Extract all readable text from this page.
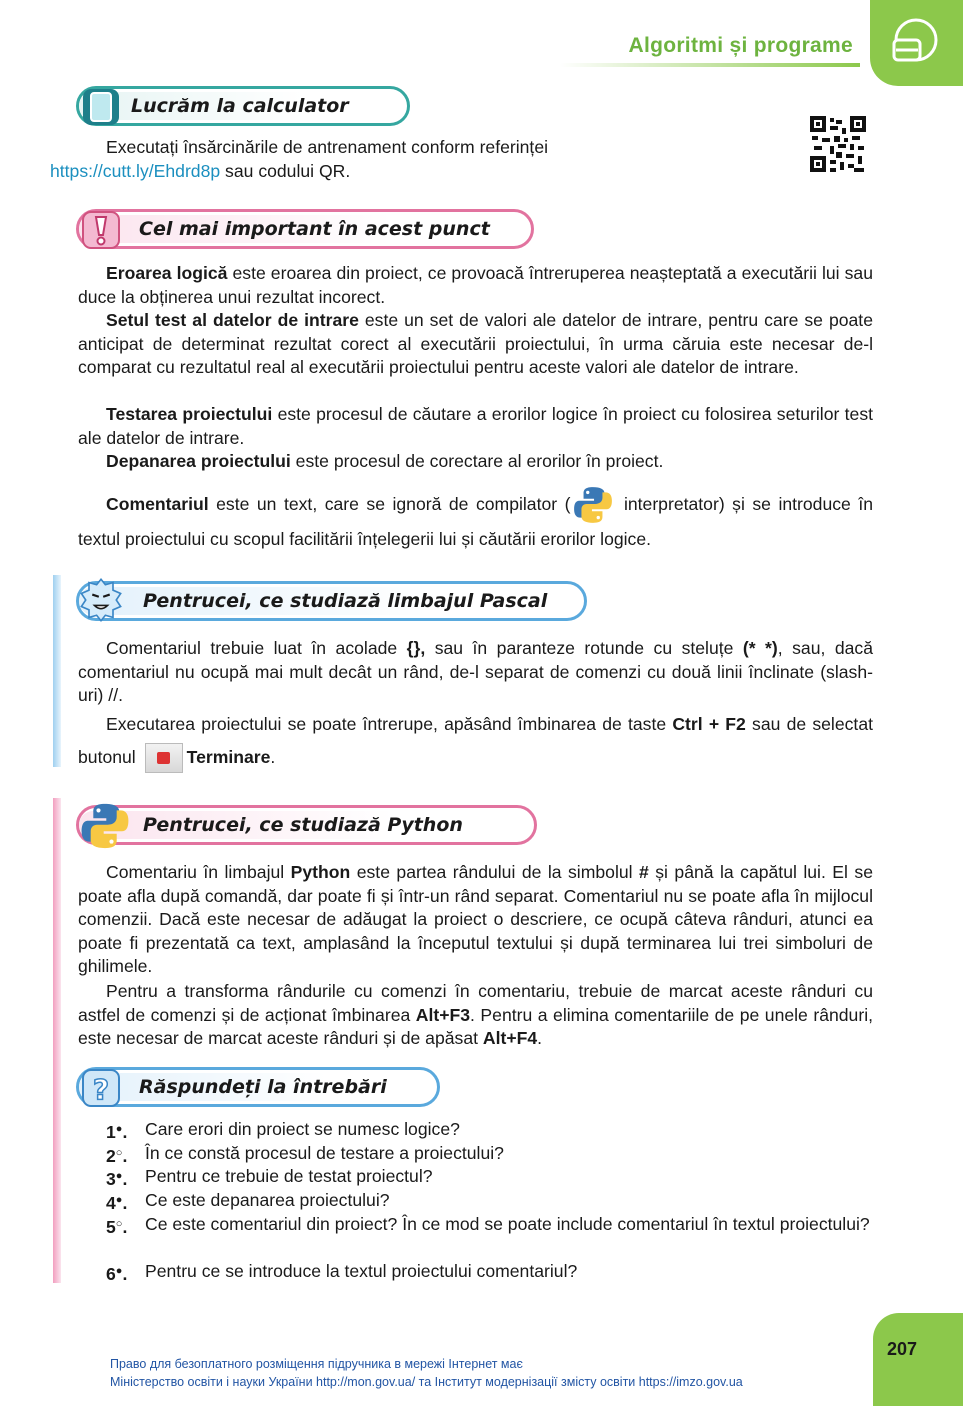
Algoritmi și programe
Lucrăm la calculator
Executați însărcinările de antrenament conform referinței
https://cutt.ly/Ehdrd8p sau codului QR.
Cel mai important în acest punct
Eroarea logică este eroarea din proiect, ce provoacă întreruperea neașteptată a executării lui sau duce la obținerea unui rezultat incorect.
Setul test al datelor de intrare este un set de valori ale datelor de intrare, pentru care se poate anticipat de determinat rezultat corect al executării proiectului, în urma căruia este necesar de-l comparat cu rezultatul real al executării proiectului pentru aceste valori ale datelor de intrare.
Testarea proiectului este procesul de căutare a erorilor logice în proiect cu folosirea seturilor test ale datelor de intrare.
Depanarea proiectului este procesul de corectare al erorilor în proiect.
Comentariul este un text, care se ignoră de compilator (	interpretator) și se introduce în textul proiectului cu scopul facilitării înțelegerii lui și căutării erorilor logice.
Pentrucei, ce studiază limbajul Pascal
Comentariul trebuie luat în acolade {}, sau în paranteze rotunde cu steluțe (* *), sau, dacă comentariul nu ocupă mai mult decât un rând, de-l separat de comenzi cu două linii înclinate (slash-uri) //.
Executarea proiectului se poate întrerupe, apăsând îmbinarea de taste Ctrl + F2 sau de selectat butonul	Terminare.
Pentrucei, ce studiază Python
Comentariu în limbajul Python este partea rândului de la simbolul # și până la capătul lui. El se poate afla după comandă, dar poate fi și într-un rând separat. Comentariul nu se poate afla în mijlocul comenzii. Dacă este necesar de adăugat la proiect o descriere, ce ocupă câteva rânduri, atunci ea poate fi prezentată ca text, amplasând la începutul textului și după terminarea lui trei simboluri de ghilimele.
Pentru a transforma rândurile cu comenzi în comentariu, trebuie de marcat aceste rânduri cu astfel de comenzi și de acționat îmbinarea Alt+F3. Pentru a elimina comentariile de pe unele rânduri, este necesar de marcat aceste rânduri și de apăsat Alt+F4.
? Răspundeți la întrebări
1●. Care erori din proiect se numesc logice?
2○. În ce constă procesul de testare a proiectului?
3●. Pentru ce trebuie de testat proiectul?
4●. Ce este depanarea proiectului?
5○. Ce este comentariul din proiect? În ce mod se poate include comentariul în textul proiectului?
6●. Pentru ce se introduce la textul proiectului comentariul?
Право для безоплатного розміщення підручника в мережі Інтернет має
Міністерство освіти і науки України http://mon.gov.ua/ та Інститут модернізації змісту освіти https://imzo.gov.ua
207
